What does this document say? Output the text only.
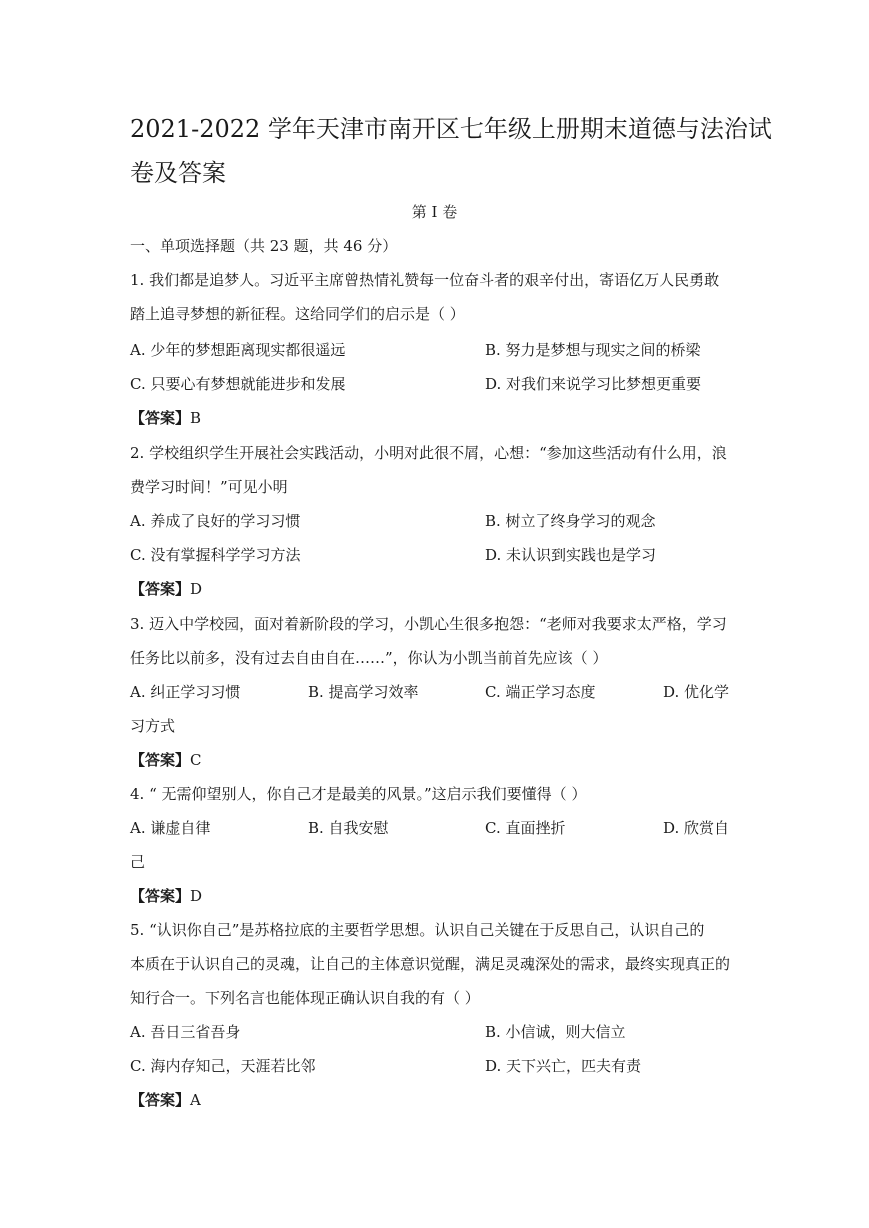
2021-2022 学年天津市南开区七年级上册期末道德与法治试
卷及答案
第 I 卷
一、单项选择题（共 23 题，共 46 分）
1. 我们都是追梦人。习近平主席曾热情礼赞每一位奋斗者的艰辛付出，寄语亿万人民勇敢
踏上追寻梦想的新征程。这给同学们的启示是（ ）
A. 少年的梦想距离现实都很遥远	B. 努力是梦想与现实之间的桥梁
C. 只要心有梦想就能进步和发展	D. 对我们来说学习比梦想更重要
【答案】B
2. 学校组织学生开展社会实践活动，小明对此很不屑，心想：“参加这些活动有什么用，浪
费学习时间！”可见小明
A. 养成了良好的学习习惯	B. 树立了终身学习的观念
C. 没有掌握科学学习方法	D. 未认识到实践也是学习
【答案】D
3. 迈入中学校园，面对着新阶段的学习，小凯心生很多抱怨：“老师对我要求太严格，学习
任务比以前多，没有过去自由自在……”，你认为小凯当前首先应该（ ）
A. 纠正学习习惯	B. 提高学习效率	C. 端正学习态度	D. 优化学
习方式
【答案】C
4. “ 无需仰望别人，你自己才是最美的风景。”这启示我们要懂得（ ）
A. 谦虚自律	B. 自我安慰	C. 直面挫折	D. 欣赏自
己
【答案】D
5. “认识你自己”是苏格拉底的主要哲学思想。认识自己关键在于反思自己，认识自己的
本质在于认识自己的灵魂，让自己的主体意识觉醒，满足灵魂深处的需求，最终实现真正的
知行合一。下列名言也能体现正确认识自我的有（ ）
A. 吾日三省吾身	B. 小信诚，则大信立
C. 海内存知己，天涯若比邻	D. 天下兴亡，匹夫有责
【答案】A
